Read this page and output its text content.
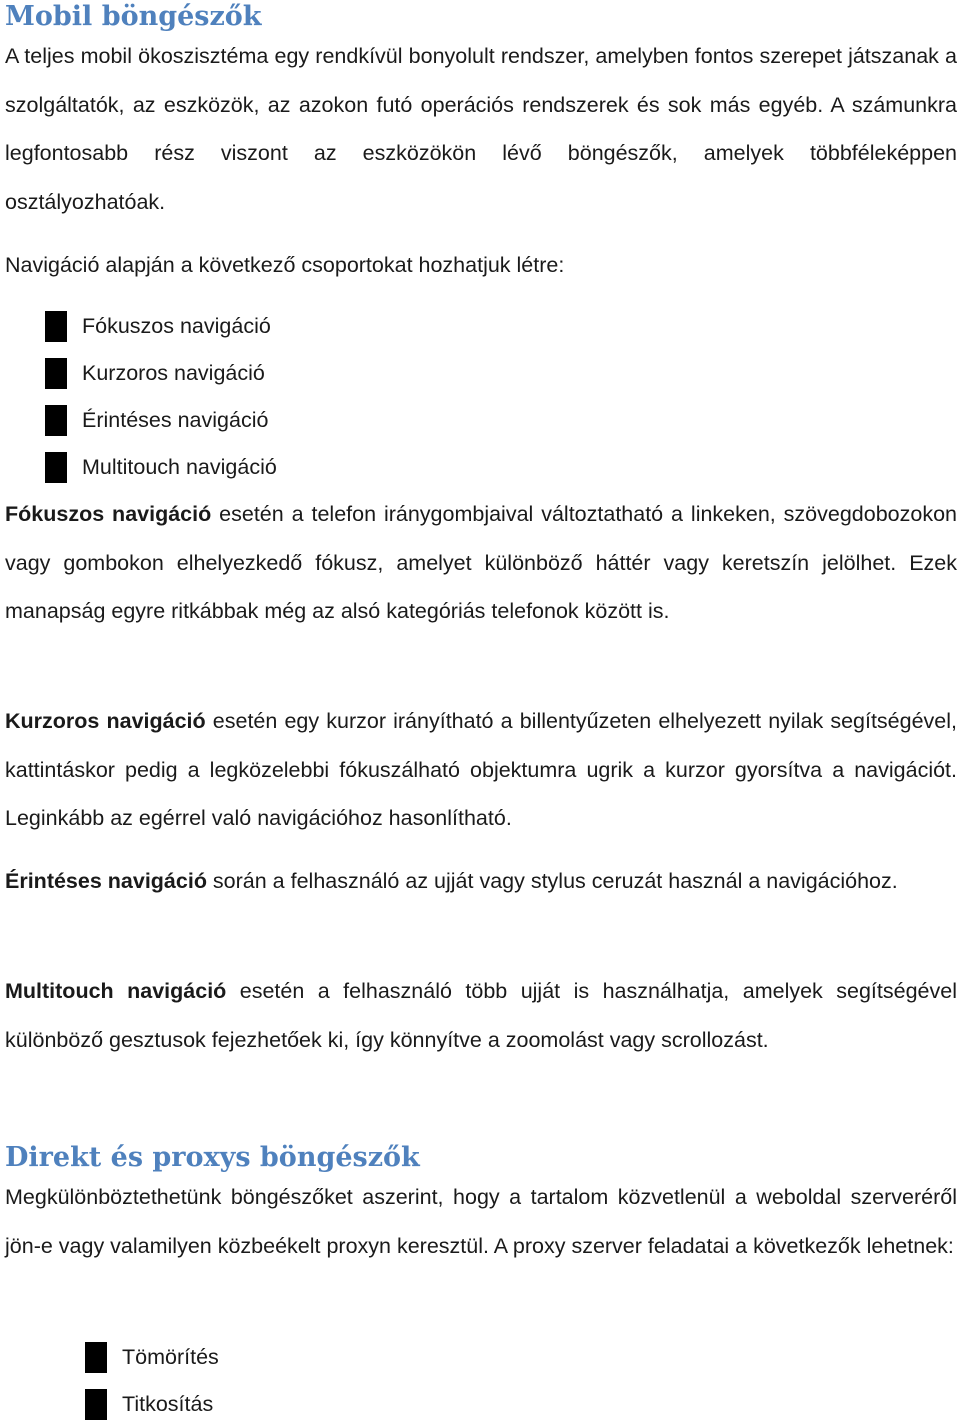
Mobil böngészők

A teljes mobil ökoszisztéma egy rendkívül bonyolult rendszer, amelyben fontos szerepet játszanak a szolgáltatók, az eszközök, az azokon futó operációs rendszerek és sok más egyéb. A számunkra legfontosabb rész viszont az eszközökön lévő böngészők, amelyek többféleképpen osztályozhatóak.

Navigáció alapján a következő csoportokat hozhatjuk létre:

Fókuszos navigáció
Kurzoros navigáció
Érintéses navigáció
Multitouch navigáció

Fókuszos navigáció esetén a telefon iránygombjaival változtatható a linkeken, szövegdobozokon vagy gombokon elhelyezkedő fókusz, amelyet különböző háttér vagy keretszín jelölhet. Ezek manapság egyre ritkábbak még az alsó kategóriás telefonok között is.

Kurzoros navigáció esetén egy kurzor irányítható a billentyűzeten elhelyezett nyilak segítségével, kattintáskor pedig a legközelebbi fókuszálható objektumra ugrik a kurzor gyorsítva a navigációt. Leginkább az egérrel való navigációhoz hasonlítható.

Érintéses navigáció során a felhasználó az ujját vagy stylus ceruzát használ a navigációhoz.

Multitouch navigáció esetén a felhasználó több ujját is használhatja, amelyek segítségével különböző gesztusok fejezhetőek ki, így könnyítve a zoomolást vagy scrollozást.

Direkt és proxys böngészők

Megkülönböztethetünk böngészőket aszerint, hogy a tartalom közvetlenül a weboldal szerveréről jön-e vagy valamilyen közbeékelt proxyn keresztül. A proxy szerver feladatai a következők lehetnek:

Tömörítés
Titkosítás
